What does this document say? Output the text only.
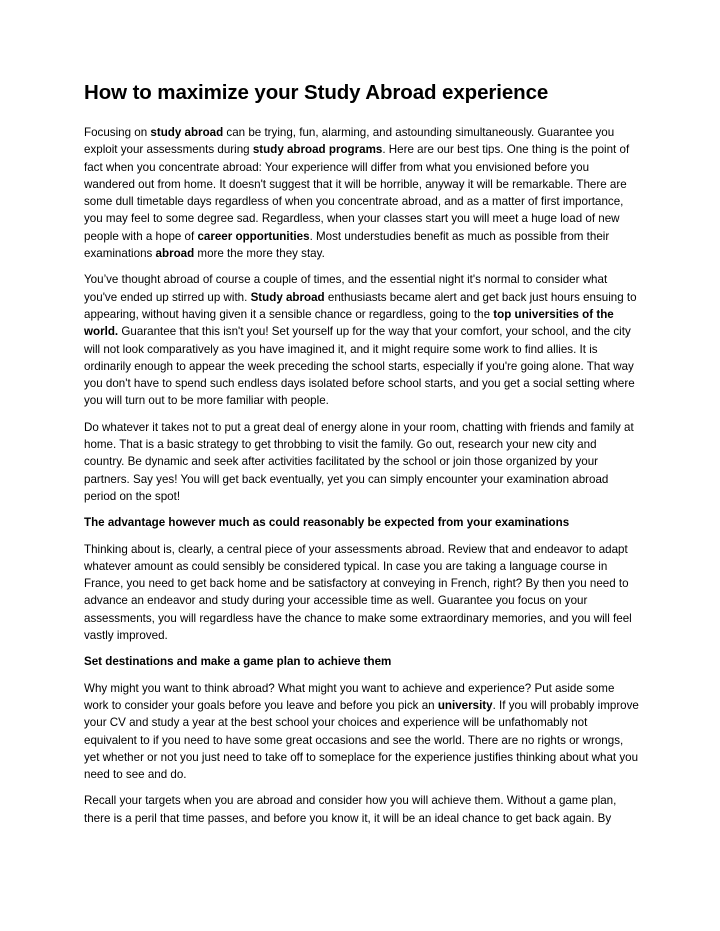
How to maximize your Study Abroad experience

Focusing on study abroad can be trying, fun, alarming, and astounding simultaneously. Guarantee you exploit your assessments during study abroad programs. Here are our best tips. One thing is the point of fact when you concentrate abroad: Your experience will differ from what you envisioned before you wandered out from home. It doesn't suggest that it will be horrible, anyway it will be remarkable. There are some dull timetable days regardless of when you concentrate abroad, and as a matter of first importance, you may feel to some degree sad. Regardless, when your classes start you will meet a huge load of new people with a hope of career opportunities. Most understudies benefit as much as possible from their examinations abroad more the more they stay.

You’ve thought abroad of course a couple of times, and the essential night it's normal to consider what you've ended up stirred up with. Study abroad enthusiasts became alert and get back just hours ensuing to appearing, without having given it a sensible chance or regardless, going to the top universities of the world. Guarantee that this isn't you! Set yourself up for the way that your comfort, your school, and the city will not look comparatively as you have imagined it, and it might require some work to find allies. It is ordinarily enough to appear the week preceding the school starts, especially if you're going alone. That way you don't have to spend such endless days isolated before school starts, and you get a social setting where you will turn out to be more familiar with people.

Do whatever it takes not to put a great deal of energy alone in your room, chatting with friends and family at home. That is a basic strategy to get throbbing to visit the family. Go out, research your new city and country. Be dynamic and seek after activities facilitated by the school or join those organized by your partners. Say yes! You will get back eventually, yet you can simply encounter your examination abroad period on the spot!

The advantage however much as could reasonably be expected from your examinations

Thinking about is, clearly, a central piece of your assessments abroad. Review that and endeavor to adapt whatever amount as could sensibly be considered typical. In case you are taking a language course in France, you need to get back home and be satisfactory at conveying in French, right? By then you need to advance an endeavor and study during your accessible time as well. Guarantee you focus on your assessments, you will regardless have the chance to make some extraordinary memories, and you will feel vastly improved.

Set destinations and make a game plan to achieve them

Why might you want to think abroad? What might you want to achieve and experience? Put aside some work to consider your goals before you leave and before you pick an university. If you will probably improve your CV and study a year at the best school your choices and experience will be unfathomably not equivalent to if you need to have some great occasions and see the world. There are no rights or wrongs, yet whether or not you just need to take off to someplace for the experience justifies thinking about what you need to see and do.

Recall your targets when you are abroad and consider how you will achieve them. Without a game plan, there is a peril that time passes, and before you know it, it will be an ideal chance to get back again. By
